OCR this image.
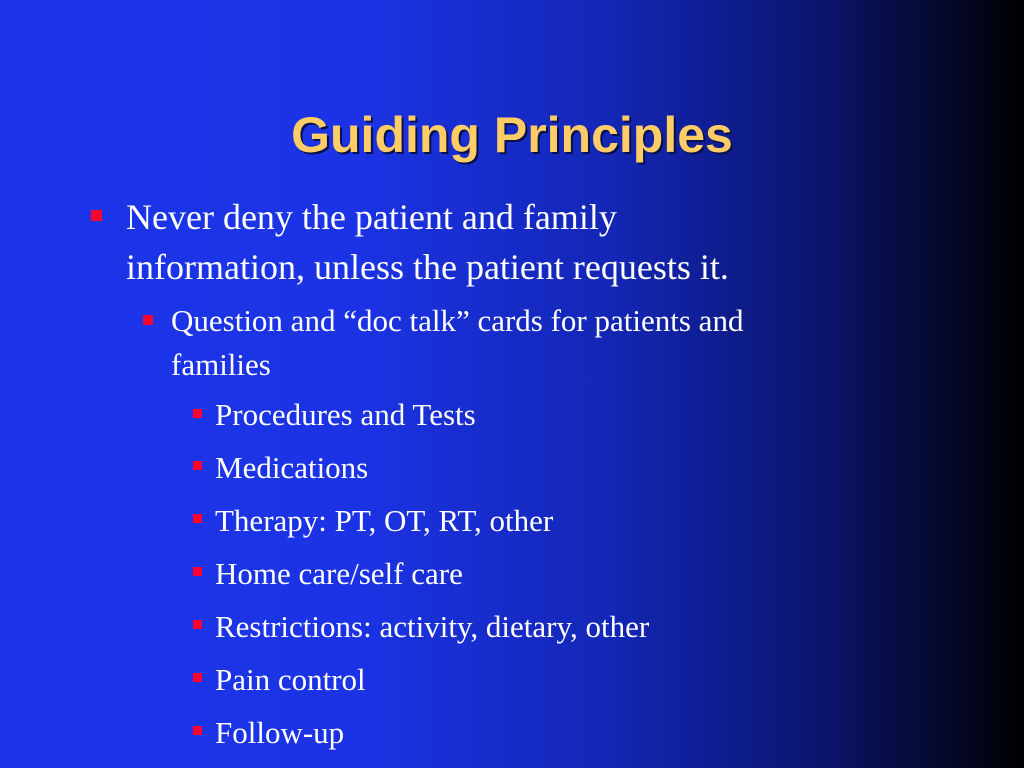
Guiding Principles

Never deny the patient and family

information, unless the patient requests it.

Question and “doc talk” cards for patients and

families

Procedures and Tests

Medications

Therapy: PT, OT, RT, other

Home care/self care

Restrictions: activity, dietary, other

Pain control

Follow-up
